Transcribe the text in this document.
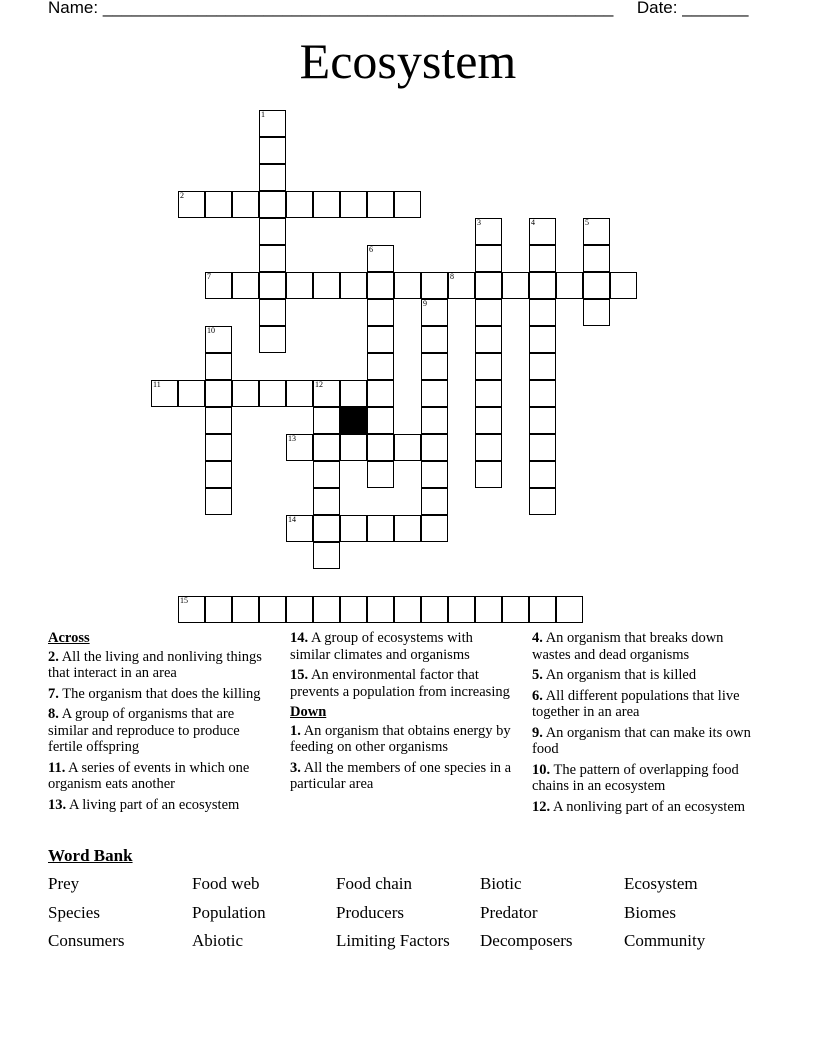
Name: ______________________________________________________ Date: _______
Ecosystem
1
2
3	4	5
6
7	8
9
10
11	12
13
14
15
Across
2. All the living and nonliving things that interact in an area
7. The organism that does the killing
8. A group of organisms that are similar and reproduce to produce fertile offspring
11. A series of events in which one organism eats another
13. A living part of an ecosystem
14. A group of ecosystems with similar climates and organisms
15. An environmental factor that prevents a population from increasing
Down
1. An organism that obtains energy by feeding on other organisms
3. All the members of one species in a particular area
4. An organism that breaks down wastes and dead organisms
5. An organism that is killed
6. All different populations that live together in an area
9. An organism that can make its own food
10. The pattern of overlapping food chains in an ecosystem
12. A nonliving part of an ecosystem
Word Bank
Prey	Food web	Food chain	Biotic	Ecosystem
Species	Population	Producers	Predator	Biomes
Consumers	Abiotic	Limiting Factors	Decomposers	Community
